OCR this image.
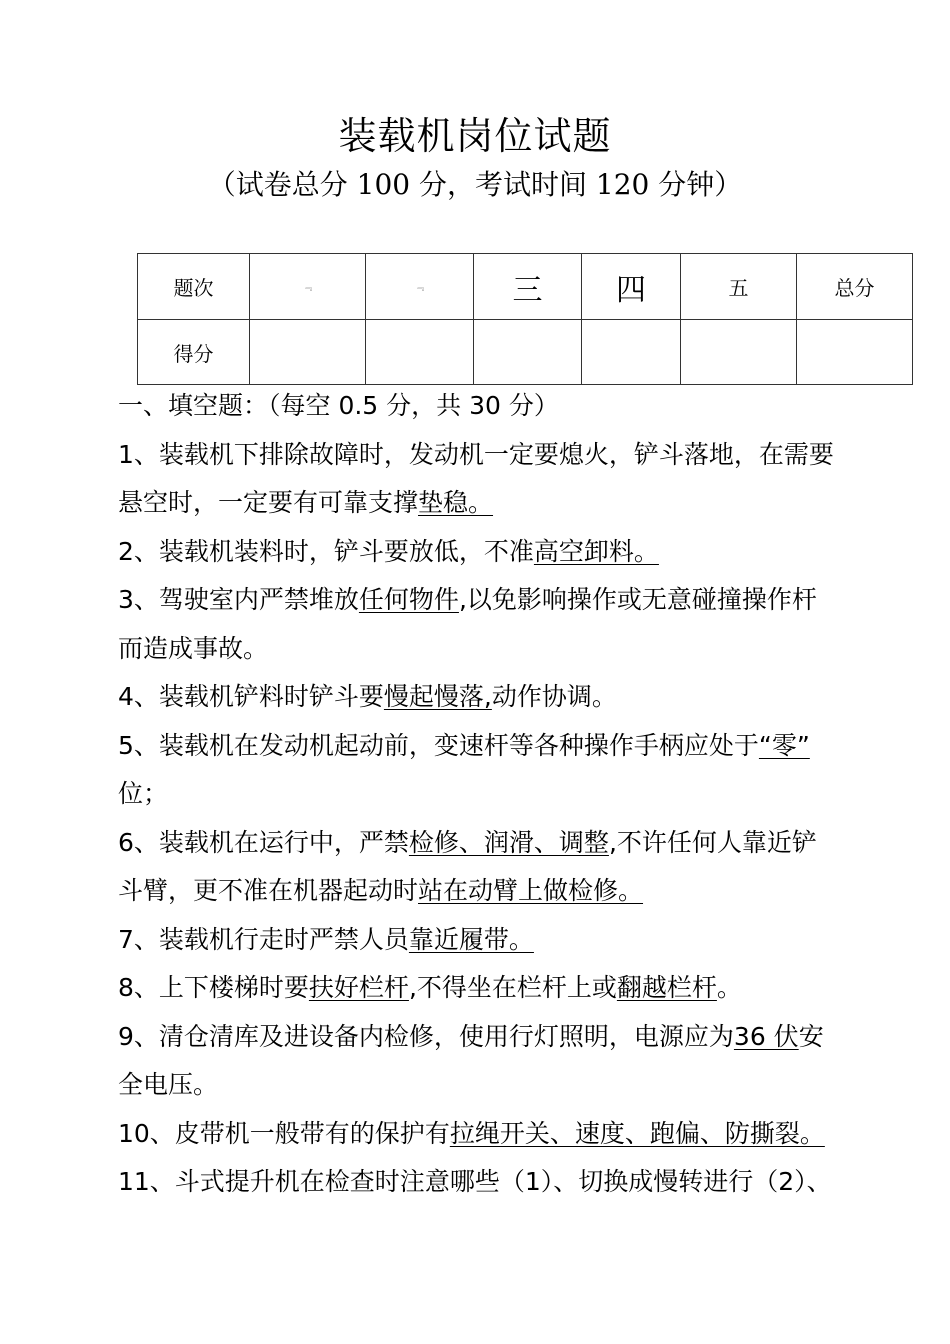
装载机岗位试题
（试卷总分 100 分，考试时间 120 分钟）
题次	﹃	﹃	三	四	五	总分
得分						
一、填空题：（每空 0.5 分，共 30 分）
1、装载机下排除故障时，发动机一定要熄火，铲斗落地，在需要
悬空时，一定要有可靠支撑垫稳。
2、装载机装料时，铲斗要放低，不准高空卸料。
3、驾驶室内严禁堆放任何物件,以免影响操作或无意碰撞操作杆
而造成事故。
4、装载机铲料时铲斗要慢起慢落,动作协调。
5、装载机在发动机起动前，变速杆等各种操作手柄应处于“零”
位；
6、装载机在运行中，严禁检修、润滑、调整,不许任何人靠近铲
斗臂，更不准在机器起动时站在动臂上做检修。
7、装载机行走时严禁人员靠近履带。
8、上下楼梯时要扶好栏杆,不得坐在栏杆上或翻越栏杆。
9、清仓清库及进设备内检修，使用行灯照明，电源应为36 伏安
全电压。
10、皮带机一般带有的保护有拉绳开关、速度、跑偏、防撕裂。
11、斗式提升机在检查时注意哪些（1）、切换成慢转进行（2）、
